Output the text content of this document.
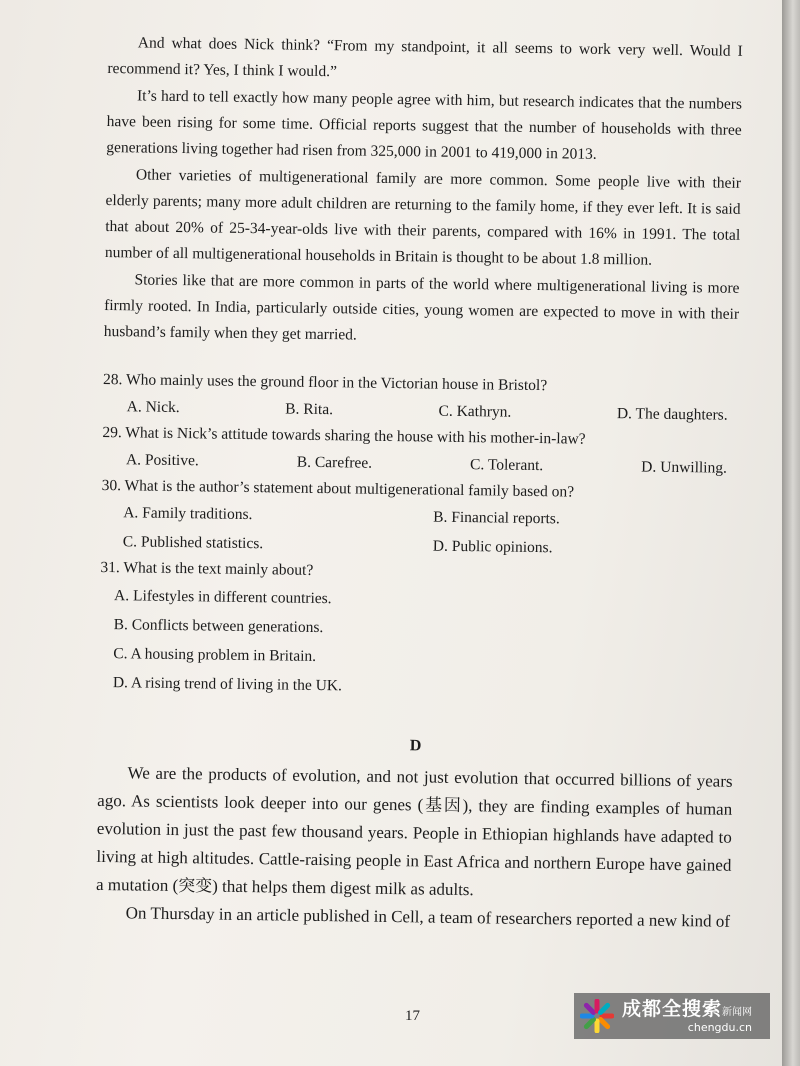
And what does Nick think? “From my standpoint, it all seems to work very well. Would I recommend it? Yes, I think I would.”

It’s hard to tell exactly how many people agree with him, but research indicates that the numbers have been rising for some time. Official reports suggest that the number of households with three generations living together had risen from 325,000 in 2001 to 419,000 in 2013.

Other varieties of multigenerational family are more common. Some people live with their elderly parents; many more adult children are returning to the family home, if they ever left. It is said that about 20% of 25-34-year-olds live with their parents, compared with 16% in 1991. The total number of all multigenerational households in Britain is thought to be about 1.8 million.

Stories like that are more common in parts of the world where multigenerational living is more firmly rooted. In India, particularly outside cities, young women are expected to move in with their husband’s family when they get married.

28. Who mainly uses the ground floor in the Victorian house in Bristol?

A. Nick.	B. Rita.	C. Kathryn.	D. The daughters.

29. What is Nick’s attitude towards sharing the house with his mother-in-law?

A. Positive.	B. Carefree.	C. Tolerant.	D. Unwilling.

30. What is the author’s statement about multigenerational family based on?

A. Family traditions.	B. Financial reports.
C. Published statistics.	D. Public opinions.

31. What is the text mainly about?

A. Lifestyles in different countries.
B. Conflicts between generations.
C. A housing problem in Britain.
D. A rising trend of living in the UK.
D

We are the products of evolution, and not just evolution that occurred billions of years ago. As scientists look deeper into our genes (基因), they are finding examples of human evolution in just the past few thousand years. People in Ethiopian highlands have adapted to living at high altitudes. Cattle-raising people in East Africa and northern Europe have gained a mutation (突变) that helps them digest milk as adults.

On Thursday in an article published in Cell, a team of researchers reported a new kind of

17	成都全搜索新闻网
chengdu.cn
